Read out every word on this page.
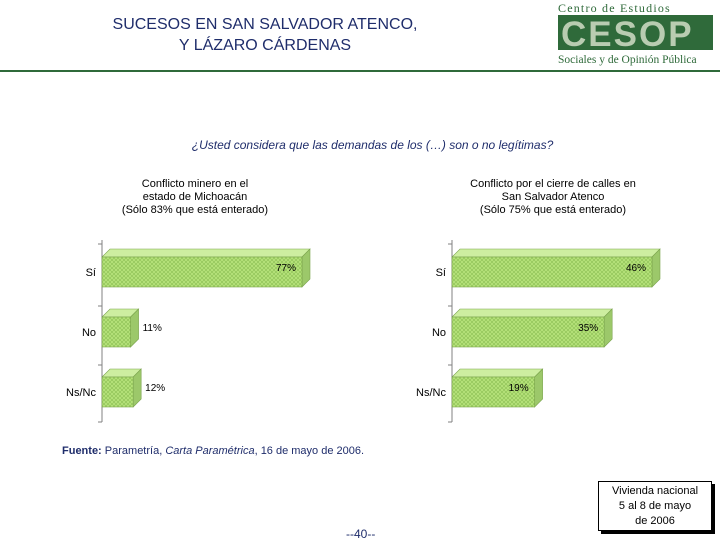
SUCESOS EN SAN SALVADOR ATENCO,
Y LÁZARO CÁRDENAS
Centro de Estudios
CESOP
Sociales y de Opinión Pública
¿Usted considera que las demandas de los (…) son o no legítimas?
Conflicto minero en el
estado de Michoacán
(Sólo 83% que está enterado)
Conflicto por el cierre de calles en
San Salvador Atenco
(Sólo 75% que está enterado)
Sí	77%
No	11%
Ns/Nc	12%
Sí	46%
No	35%
Ns/Nc	19%
Fuente: Parametría, Carta Paramétrica, 16 de mayo de 2006.
--40--
Vivienda nacional
5 al 8 de mayo
de 2006
